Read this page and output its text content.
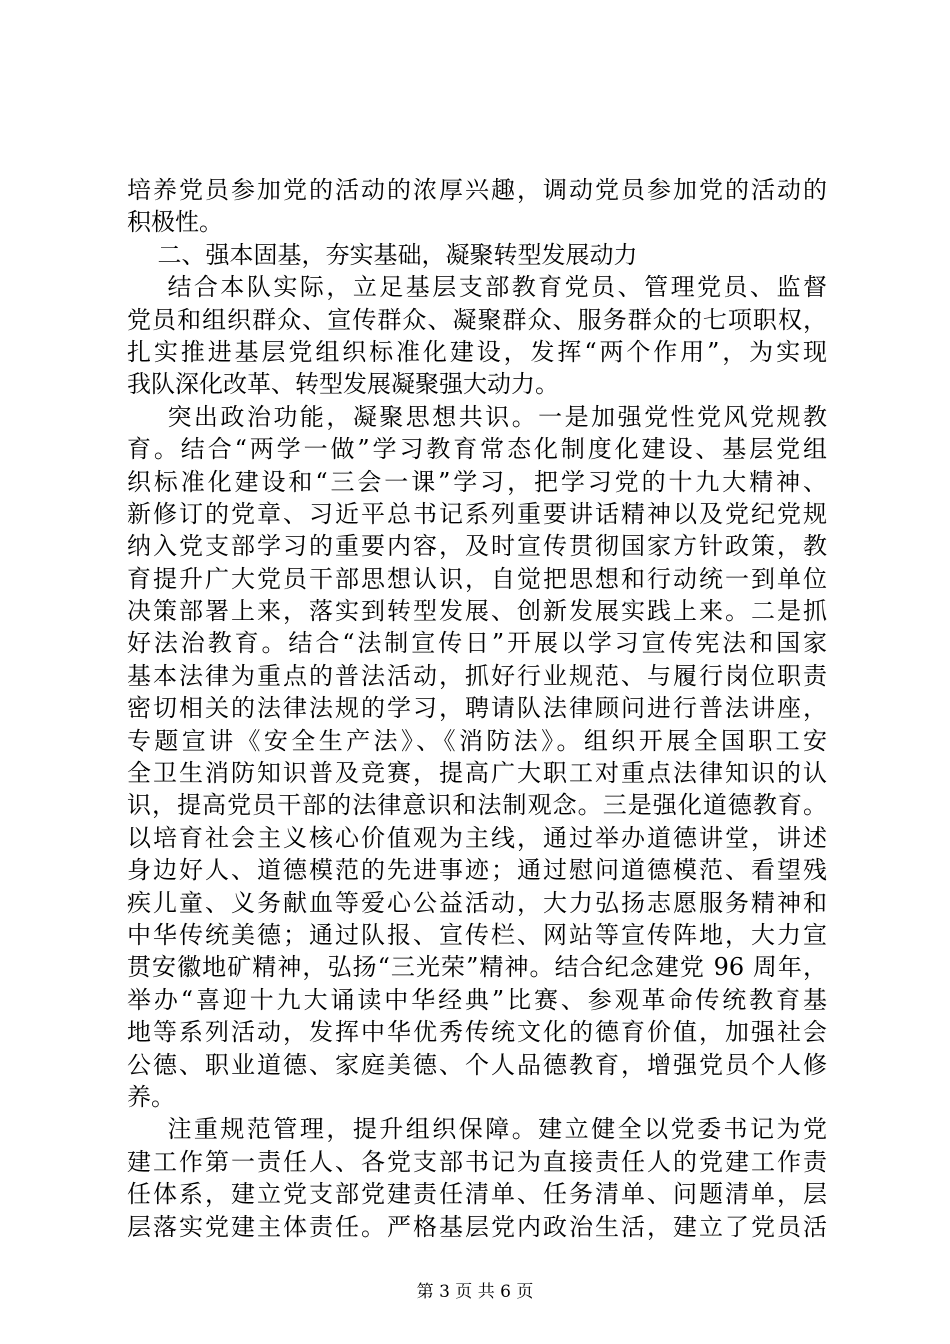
培养党员参加党的活动的浓厚兴趣，调动党员参加党的活动的
积极性。
二、强本固基，夯实基础，凝聚转型发展动力
结合本队实际，立足基层支部教育党员、管理党员、监督
党员和组织群众、宣传群众、凝聚群众、服务群众的七项职权，
扎实推进基层党组织标准化建设，发挥“两个作用”，为实现
我队深化改革、转型发展凝聚强大动力。
突出政治功能，凝聚思想共识。一是加强党性党风党规教
育。结合“两学一做”学习教育常态化制度化建设、基层党组
织标准化建设和“三会一课”学习，把学习党的十九大精神、
新修订的党章、习近平总书记系列重要讲话精神以及党纪党规
纳入党支部学习的重要内容，及时宣传贯彻国家方针政策，教
育提升广大党员干部思想认识，自觉把思想和行动统一到单位
决策部署上来，落实到转型发展、创新发展实践上来。二是抓
好法治教育。结合“法制宣传日”开展以学习宣传宪法和国家
基本法律为重点的普法活动，抓好行业规范、与履行岗位职责
密切相关的法律法规的学习，聘请队法律顾问进行普法讲座，
专题宣讲《安全生产法》、《消防法》。组织开展全国职工安
全卫生消防知识普及竞赛，提高广大职工对重点法律知识的认
识，提高党员干部的法律意识和法制观念。三是强化道德教育。
以培育社会主义核心价值观为主线，通过举办道德讲堂，讲述
身边好人、道德模范的先进事迹；通过慰问道德模范、看望残
疾儿童、义务献血等爱心公益活动，大力弘扬志愿服务精神和
中华传统美德；通过队报、宣传栏、网站等宣传阵地，大力宣
贯安徽地矿精神，弘扬“三光荣”精神。结合纪念建党 96 周年，
举办“喜迎十九大诵读中华经典”比赛、参观革命传统教育基
地等系列活动，发挥中华优秀传统文化的德育价值，加强社会
公德、职业道德、家庭美德、个人品德教育，增强党员个人修
养。
注重规范管理，提升组织保障。建立健全以党委书记为党
建工作第一责任人、各党支部书记为直接责任人的党建工作责
任体系，建立党支部党建责任清单、任务清单、问题清单，层
层落实党建主体责任。严格基层党内政治生活，建立了党员活
第 3 页 共 6 页
